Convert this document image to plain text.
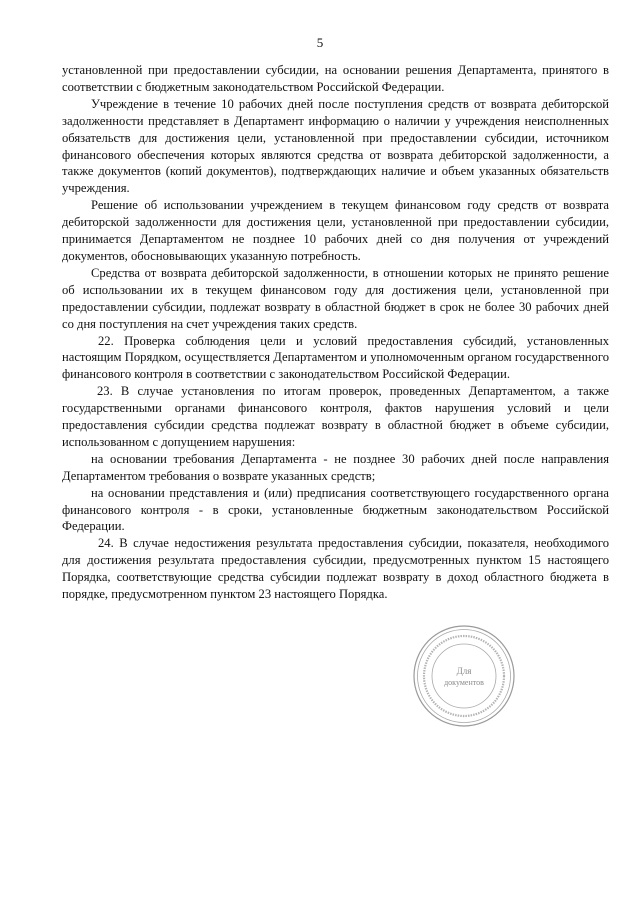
5

установленной при предоставлении субсидии, на основании решения Департамента, принятого в соответствии с бюджетным законодательством Российской Федерации.

Учреждение в течение 10 рабочих дней после поступления средств от возврата дебиторской задолженности представляет в Департамент информацию о наличии у учреждения неисполненных обязательств для достижения цели, установленной при предоставлении субсидии, источником финансового обеспечения которых являются средства от возврата дебиторской задолженности, а также документов (копий документов), подтверждающих наличие и объем указанных обязательств учреждения.

Решение об использовании учреждением в текущем финансовом году средств от возврата дебиторской задолженности для достижения цели, установленной при предоставлении субсидии, принимается Департаментом не позднее 10 рабочих дней со дня получения от учреждений документов, обосновывающих указанную потребность.

Средства от возврата дебиторской задолженности, в отношении которых не принято решение об использовании их в текущем финансовом году для достижения цели, установленной при предоставлении субсидии, подлежат возврату в областной бюджет в срок не более 30 рабочих дней со дня поступления на счет учреждения таких средств.

22. Проверка соблюдения цели и условий предоставления субсидий, установленных настоящим Порядком, осуществляется Департаментом и уполномоченным органом государственного финансового контроля в соответствии с законодательством Российской Федерации.

23. В случае установления по итогам проверок, проведенных Департаментом, а также государственными органами финансового контроля, фактов нарушения условий и цели предоставления субсидии средства подлежат возврату в областной бюджет в объеме субсидии, использованном с допущением нарушения:

на основании требования Департамента - не позднее 30 рабочих дней после направления Департаментом требования о возврате указанных средств;

на основании представления и (или) предписания соответствующего государственного органа финансового контроля - в сроки, установленные бюджетным законодательством Российской Федерации.

24. В случае недостижения результата предоставления субсидии, показателя, необходимого для достижения результата предоставления субсидии, предусмотренных пунктом 15 настоящего Порядка, соответствующие средства субсидии подлежат возврату в доход областного бюджета в порядке, предусмотренном пунктом 23 настоящего Порядка.

Для
документов
